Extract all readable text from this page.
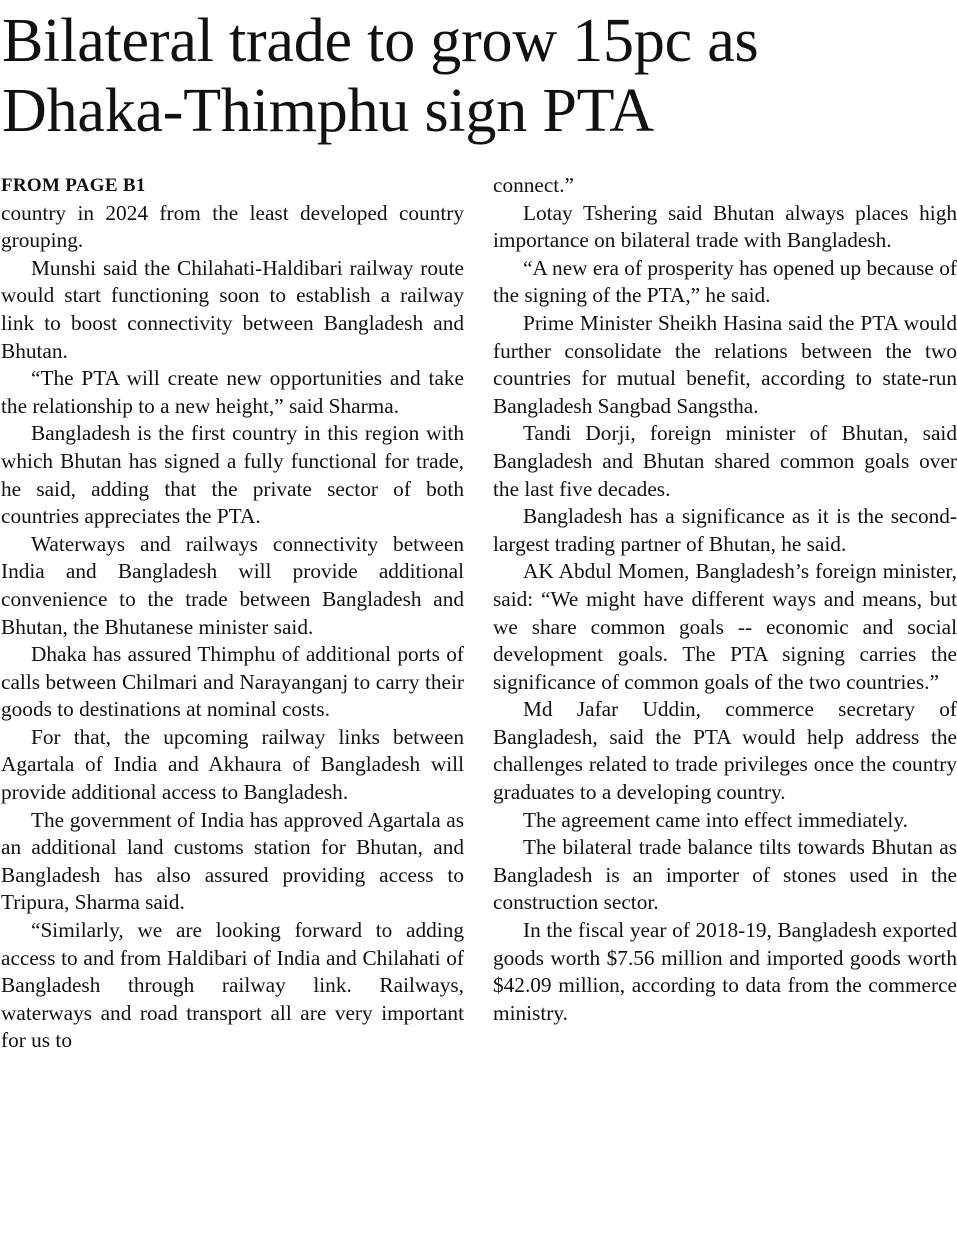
Bilateral trade to grow 15pc as Dhaka-Thimphu sign PTA
FROM PAGE B1

country in 2024 from the least developed country grouping.

Munshi said the Chilahati-Haldibari railway route would start functioning soon to establish a railway link to boost connectivity between Bangladesh and Bhutan.

“The PTA will create new opportunities and take the relationship to a new height,” said Sharma.

Bangladesh is the first country in this region with which Bhutan has signed a fully functional for trade, he said, adding that the private sector of both countries appreciates the PTA.

Waterways and railways connectivity between India and Bangladesh will provide additional convenience to the trade between Bangladesh and Bhutan, the Bhutanese minister said.

Dhaka has assured Thimphu of additional ports of calls between Chilmari and Narayanganj to carry their goods to destinations at nominal costs.

For that, the upcoming railway links between Agartala of India and Akhaura of Bangladesh will provide additional access to Bangladesh.

The government of India has approved Agartala as an additional land customs station for Bhutan, and Bangladesh has also assured providing access to Tripura, Sharma said.

“Similarly, we are looking forward to adding access to and from Haldibari of India and Chilahati of Bangladesh through railway link. Railways, waterways and road transport all are very important for us to

connect.”

Lotay Tshering said Bhutan always places high importance on bilateral trade with Bangladesh.

“A new era of prosperity has opened up because of the signing of the PTA,” he said.

Prime Minister Sheikh Hasina said the PTA would further consolidate the relations between the two countries for mutual benefit, according to state-run Bangladesh Sangbad Sangstha.

Tandi Dorji, foreign minister of Bhutan, said Bangladesh and Bhutan shared common goals over the last five decades.

Bangladesh has a significance as it is the second-largest trading partner of Bhutan, he said.

AK Abdul Momen, Bangladesh’s foreign minister, said: “We might have different ways and means, but we share common goals -- economic and social development goals. The PTA signing carries the significance of common goals of the two countries.”

Md Jafar Uddin, commerce secretary of Bangladesh, said the PTA would help address the challenges related to trade privileges once the country graduates to a developing country.

The agreement came into effect immediately.

The bilateral trade balance tilts towards Bhutan as Bangladesh is an importer of stones used in the construction sector.

In the fiscal year of 2018-19, Bangladesh exported goods worth $7.56 million and imported goods worth $42.09 million, according to data from the commerce ministry.
